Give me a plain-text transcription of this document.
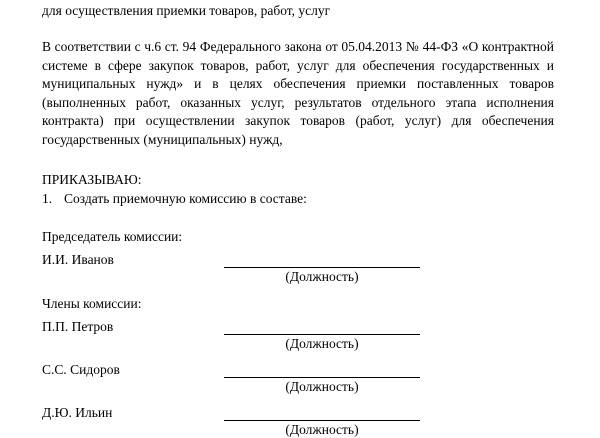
для осуществления приемки товаров, работ, услуг
В соответствии с ч.6 ст. 94 Федерального закона от 05.04.2013 № 44-ФЗ «О контрактной системе в сфере закупок товаров, работ, услуг для обеспечения государственных и муниципальных нужд» и в целях обеспечения приемки поставленных товаров (выполненных работ, оказанных услуг, результатов отдельного этапа исполнения контракта) при осуществлении закупок товаров (работ, услуг) для обеспечения государственных (муниципальных) нужд,
ПРИКАЗЫВАЮ:
1. Создать приемочную комиссию в составе:
Председатель комиссии:
И.И. Иванов
(Должность)
Члены комиссии:
П.П. Петров
(Должность)
С.С. Сидоров
(Должность)
Д.Ю. Ильин
(Должность)
